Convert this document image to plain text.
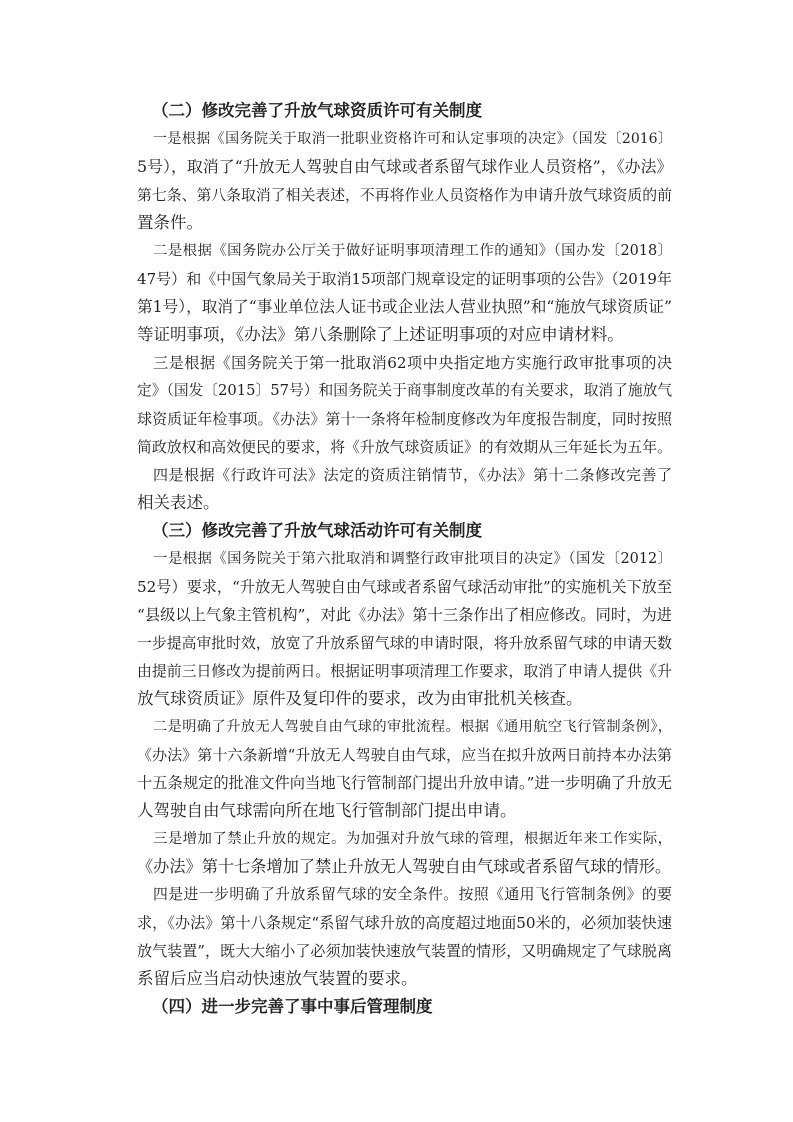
（二）修改完善了升放气球资质许可有关制度
一是根据《国务院关于取消一批职业资格许可和认定事项的决定》（国发〔2016〕
5号），取消了“升放无人驾驶自由气球或者系留气球作业人员资格”，《办法》
第七条、第八条取消了相关表述，不再将作业人员资格作为申请升放气球资质的前
置条件。
二是根据《国务院办公厅关于做好证明事项清理工作的通知》（国办发〔2018〕
47号）和《中国气象局关于取消15项部门规章设定的证明事项的公告》（2019年
第1号），取消了“事业单位法人证书或企业法人营业执照”和“施放气球资质证”
等证明事项，《办法》第八条删除了上述证明事项的对应申请材料。
三是根据《国务院关于第一批取消62项中央指定地方实施行政审批事项的决
定》（国发〔2015〕57号）和国务院关于商事制度改革的有关要求，取消了施放气
球资质证年检事项。《办法》第十一条将年检制度修改为年度报告制度，同时按照
简政放权和高效便民的要求，将《升放气球资质证》的有效期从三年延长为五年。
四是根据《行政许可法》法定的资质注销情节，《办法》第十二条修改完善了
相关表述。
（三）修改完善了升放气球活动许可有关制度
一是根据《国务院关于第六批取消和调整行政审批项目的决定》（国发〔2012〕
52号）要求，“升放无人驾驶自由气球或者系留气球活动审批”的实施机关下放至
“县级以上气象主管机构”，对此《办法》第十三条作出了相应修改。同时，为进
一步提高审批时效，放宽了升放系留气球的申请时限，将升放系留气球的申请天数
由提前三日修改为提前两日。根据证明事项清理工作要求，取消了申请人提供《升
放气球资质证》原件及复印件的要求，改为由审批机关核查。
二是明确了升放无人驾驶自由气球的审批流程。根据《通用航空飞行管制条例》，
《办法》第十六条新增“升放无人驾驶自由气球，应当在拟升放两日前持本办法第
十五条规定的批准文件向当地飞行管制部门提出升放申请。”进一步明确了升放无
人驾驶自由气球需向所在地飞行管制部门提出申请。
三是增加了禁止升放的规定。为加强对升放气球的管理，根据近年来工作实际，
《办法》第十七条增加了禁止升放无人驾驶自由气球或者系留气球的情形。
四是进一步明确了升放系留气球的安全条件。按照《通用飞行管制条例》的要
求，《办法》第十八条规定“系留气球升放的高度超过地面50米的，必须加装快速
放气装置”，既大大缩小了必须加装快速放气装置的情形，又明确规定了气球脱离
系留后应当启动快速放气装置的要求。
（四）进一步完善了事中事后管理制度
